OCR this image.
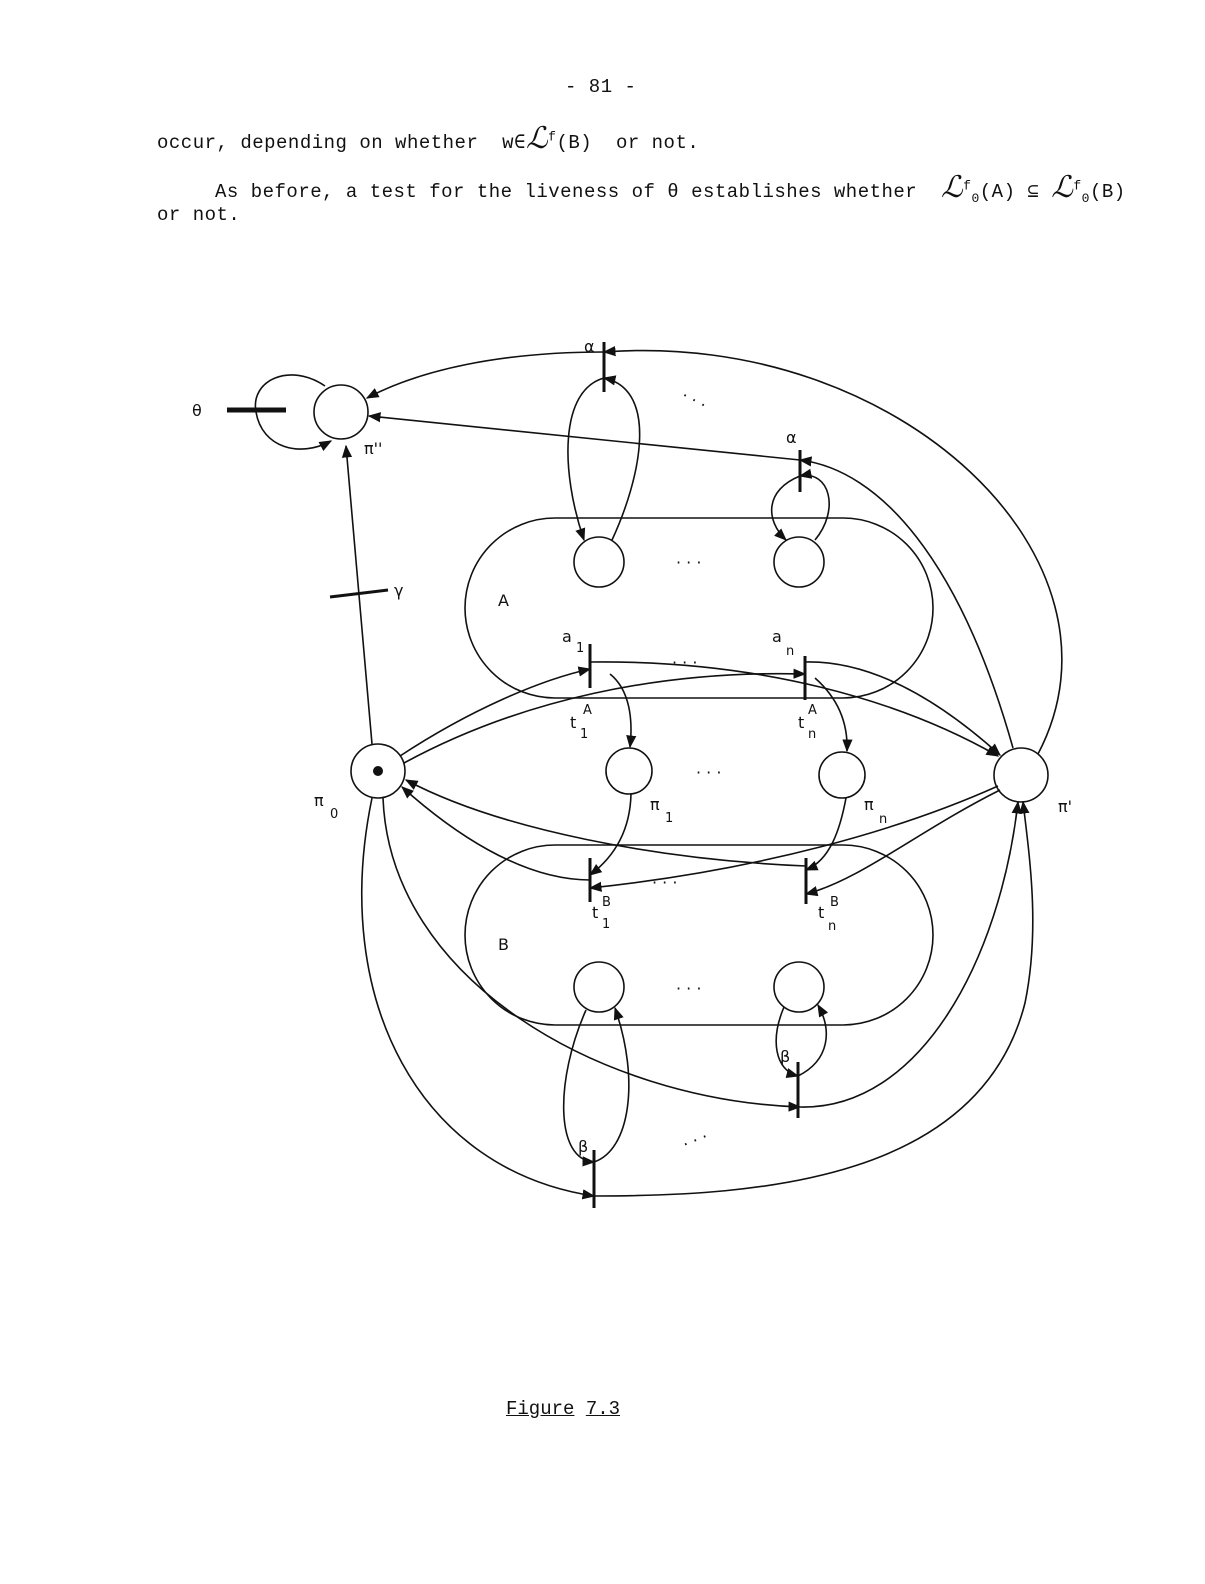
- 81 -
occur, depending on whether  w∈ℒ$^f$(B)  or not.
As before, a test for the liveness of θ establishes whether ℒ$^f_0$(A) ⊆ ℒ$^f_0$(B)
or not.
θ
π''
γ
α
α
A
B
a
1
a
n
A
t
1
A
t
n
B
t
1
B
t
n
π
0
π
1
π
n
π'
β
β
· · ·
· · ·
· · ·
· · ·
· · ·
· · ·
· · ·
Figure 7.3
